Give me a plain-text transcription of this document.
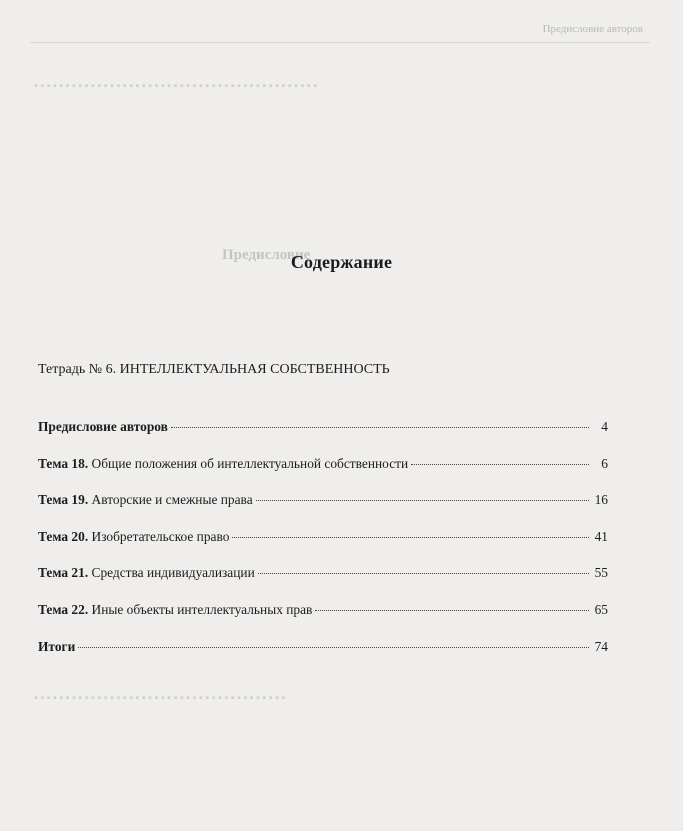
Предисловие авторов
▪ ▪ ▪ ▪ ▪ ▪ ▪ ▪ ▪ ▪ ▪ ▪ ▪ ▪ ▪ ▪ ▪ ▪ ▪ ▪ ▪ ▪ ▪ ▪ ▪ ▪ ▪ ▪ ▪ ▪ ▪ ▪ ▪ ▪ ▪ ▪ ▪ ▪ ▪ ▪ ▪ ▪ ▪ ▪ ▪
Предисловие
Содержание

Тетрадь № 6. ИНТЕЛЛЕКТУАЛЬНАЯ СОБСТВЕННОСТЬ

Предисловие авторов	4
Тема 18. Общие положения об интеллектуальной собственности	6
Тема 19. Авторские и смежные права	16
Тема 20. Изобретательское право	41
Тема 21. Средства индивидуализации	55
Тема 22. Иные объекты интеллектуальных прав	65
Итоги	74
▪ ▪ ▪ ▪ ▪ ▪ ▪ ▪ ▪ ▪ ▪ ▪ ▪ ▪ ▪ ▪ ▪ ▪ ▪ ▪ ▪ ▪ ▪ ▪ ▪ ▪ ▪ ▪ ▪ ▪ ▪ ▪ ▪ ▪ ▪ ▪ ▪ ▪ ▪ ▪
